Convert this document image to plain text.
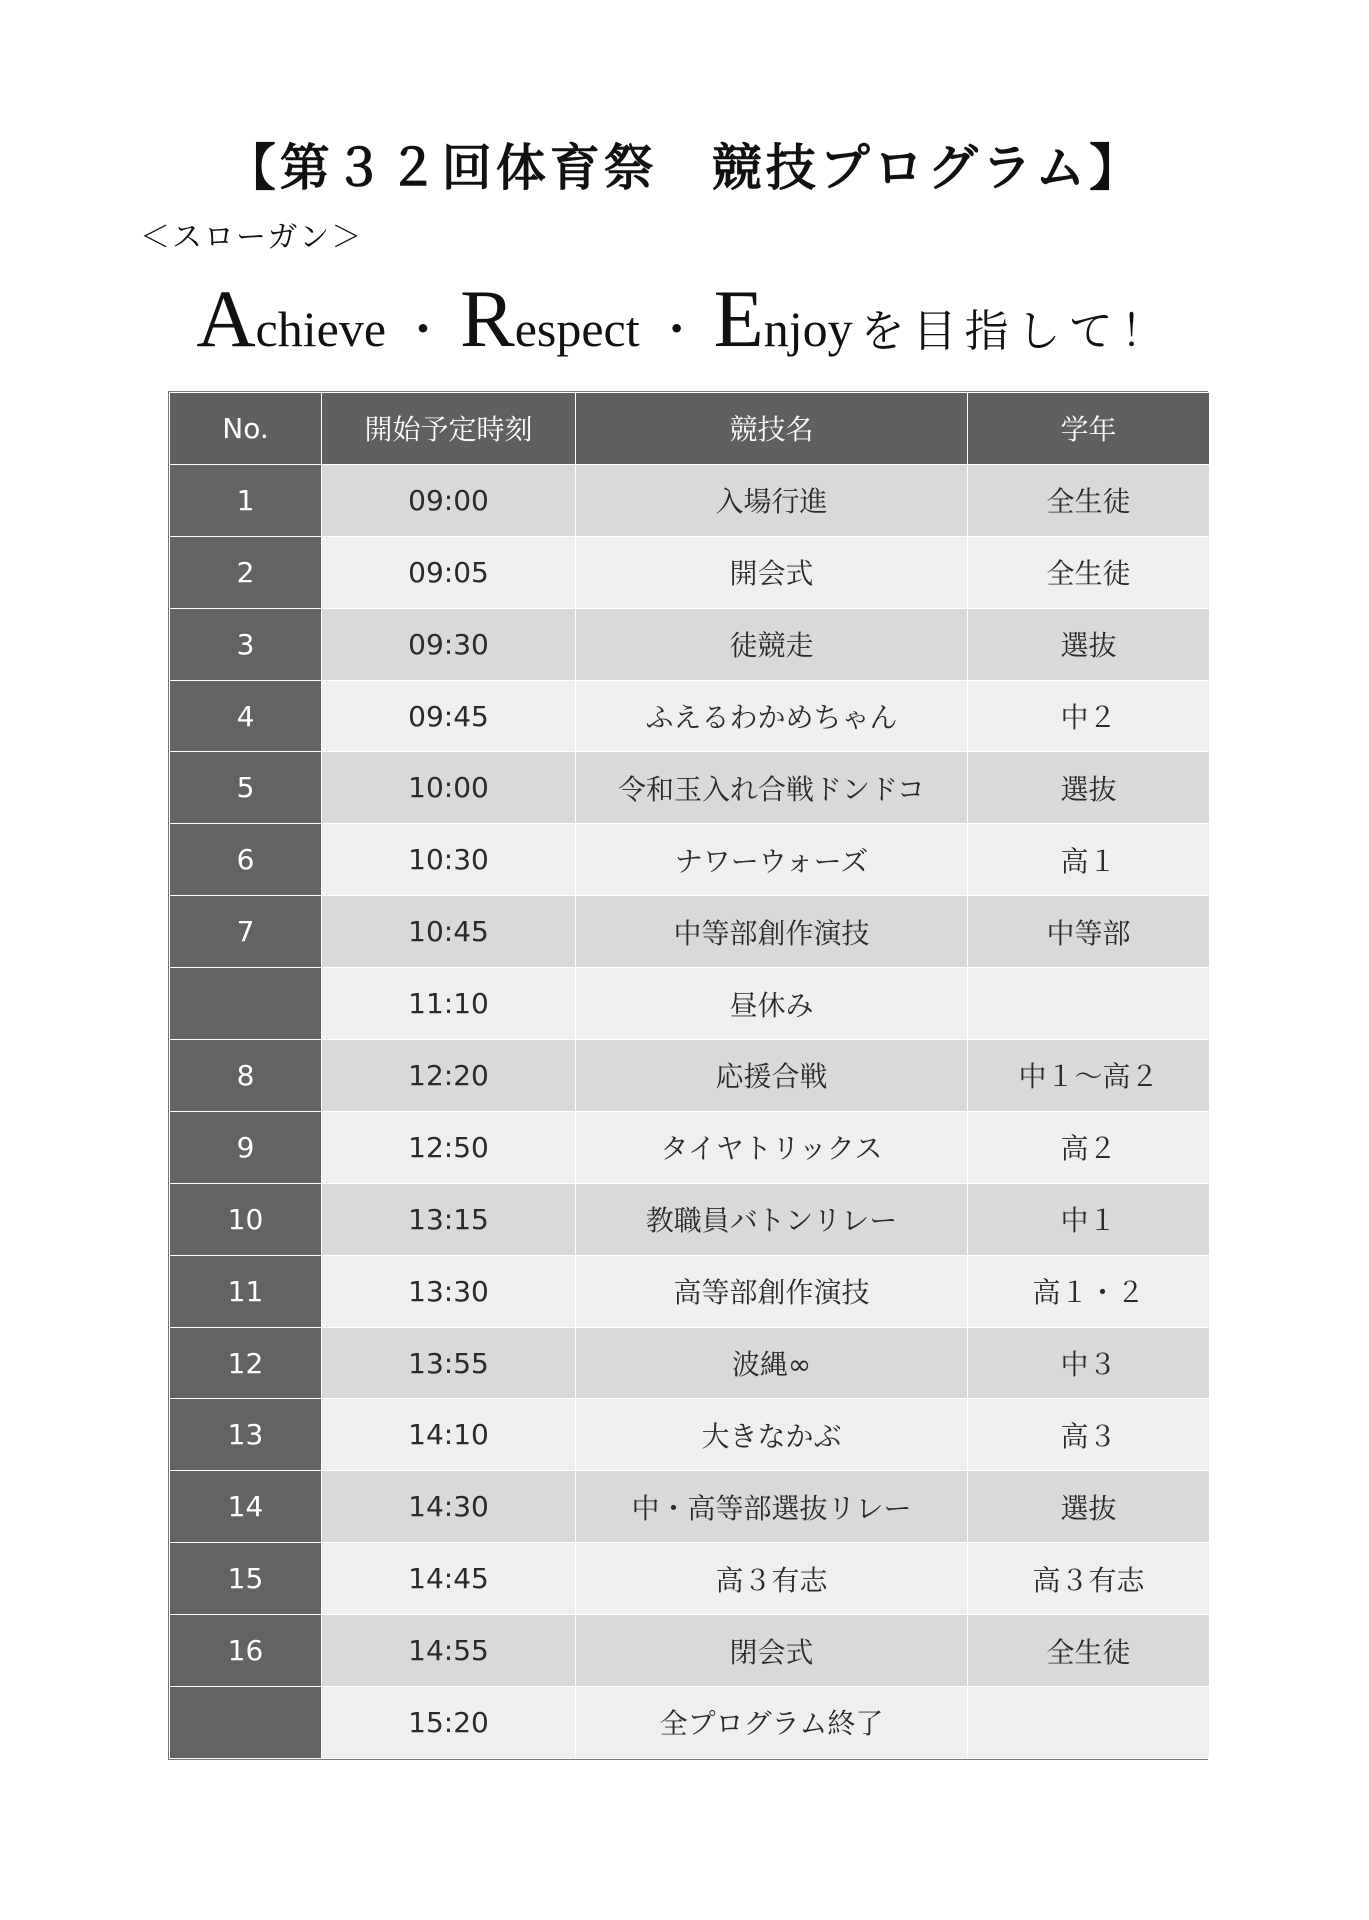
【第３２回体育祭　競技プログラム】
＜スローガン＞
Achieve ・ Respect ・ Enjoy を目指して！
No.	開始予定時刻	競技名	学年
1	09:00	入場行進	全生徒
2	09:05	開会式	全生徒
3	09:30	徒競走	選抜
4	09:45	ふえるわかめちゃん	中２
5	10:00	令和玉入れ合戦ドンドコ	選抜
6	10:30	ナワーウォーズ	高１
7	10:45	中等部創作演技	中等部
	11:10	昼休み	
8	12:20	応援合戦	中１～高２
9	12:50	タイヤトリックス	高２
10	13:15	教職員バトンリレー	中１
11	13:30	高等部創作演技	高１・２
12	13:55	波縄∞	中３
13	14:10	大きなかぶ	高３
14	14:30	中・高等部選抜リレー	選抜
15	14:45	高３有志	高３有志
16	14:55	閉会式	全生徒
	15:20	全プログラム終了	
